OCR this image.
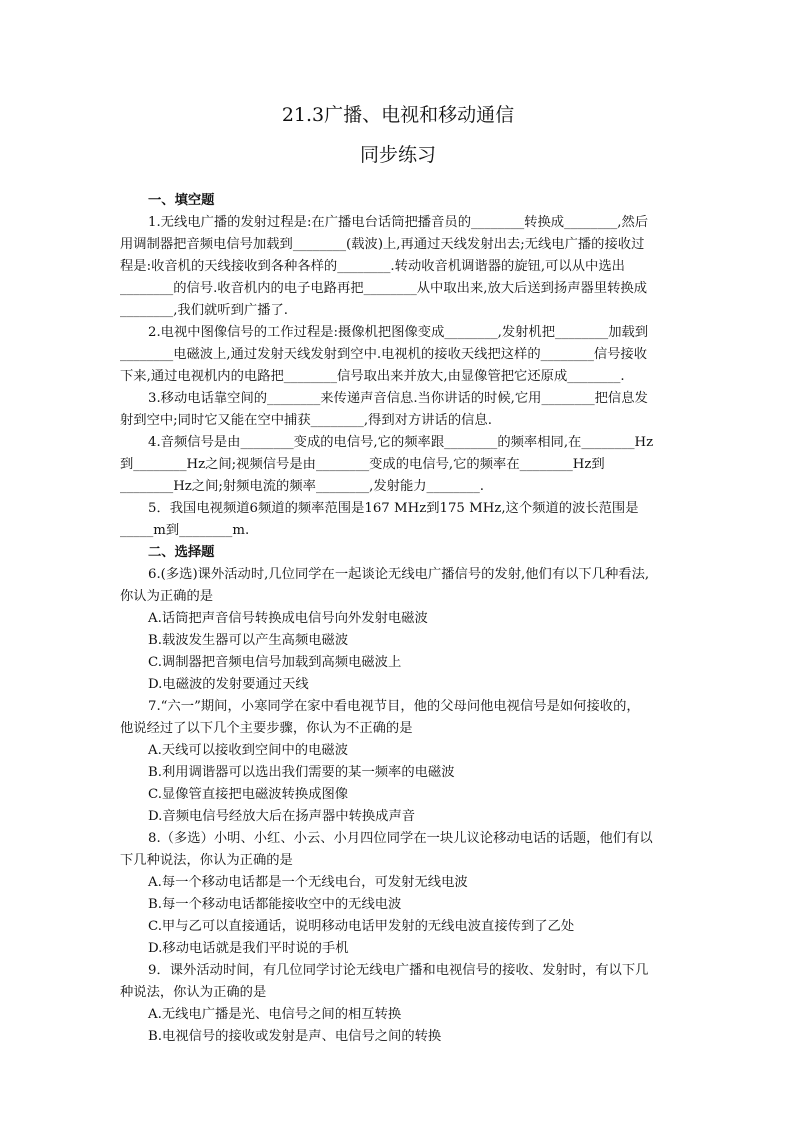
21.3广播、电视和移动通信
同步练习
一、填空题
1.无线电广播的发射过程是:在广播电台话筒把播音员的________转换成________,然后
用调制器把音频电信号加载到________(载波)上,再通过天线发射出去;无线电广播的接收过
程是:收音机的天线接收到各种各样的________.转动收音机调谐器的旋钮,可以从中选出
________的信号.收音机内的电子电路再把________从中取出来,放大后送到扬声器里转换成
________,我们就听到广播了.
2.电视中图像信号的工作过程是:摄像机把图像变成________,发射机把________加载到
________电磁波上,通过发射天线发射到空中.电视机的接收天线把这样的________信号接收
下来,通过电视机内的电路把________信号取出来并放大,由显像管把它还原成________.
3.移动电话靠空间的________来传递声音信息.当你讲话的时候,它用________把信息发
射到空中;同时它又能在空中捕获________,得到对方讲话的信息.
4.音频信号是由________变成的电信号,它的频率跟________的频率相同,在________Hz
到________Hz之间;视频信号是由________变成的电信号,它的频率在________Hz到
________Hz之间;射频电流的频率________,发射能力________.
5．我国电视频道6频道的频率范围是167 MHz到175 MHz,这个频道的波长范围是
_____m到________m.
二、选择题
6.(多选)课外活动时,几位同学在一起谈论无线电广播信号的发射,他们有以下几种看法,
你认为正确的是
A.话筒把声音信号转换成电信号向外发射电磁波
B.载波发生器可以产生高频电磁波
C.调制器把音频电信号加载到高频电磁波上
D.电磁波的发射要通过天线
7.“六一”期间，小寒同学在家中看电视节目，他的父母问他电视信号是如何接收的，
他说经过了以下几个主要步骤，你认为不正确的是
A.天线可以接收到空间中的电磁波
B.利用调谐器可以选出我们需要的某一频率的电磁波
C.显像管直接把电磁波转换成图像
D.音频电信号经放大后在扬声器中转换成声音
8.（多选）小明、小红、小云、小月四位同学在一块儿议论移动电话的话题，他们有以
下几种说法，你认为正确的是
A.每一个移动电话都是一个无线电台，可发射无线电波
B.每一个移动电话都能接收空中的无线电波
C.甲与乙可以直接通话，说明移动电话甲发射的无线电波直接传到了乙处
D.移动电话就是我们平时说的手机
9．课外活动时间，有几位同学讨论无线电广播和电视信号的接收、发射时，有以下几
种说法，你认为正确的是
A.无线电广播是光、电信号之间的相互转换
B.电视信号的接收或发射是声、电信号之间的转换
